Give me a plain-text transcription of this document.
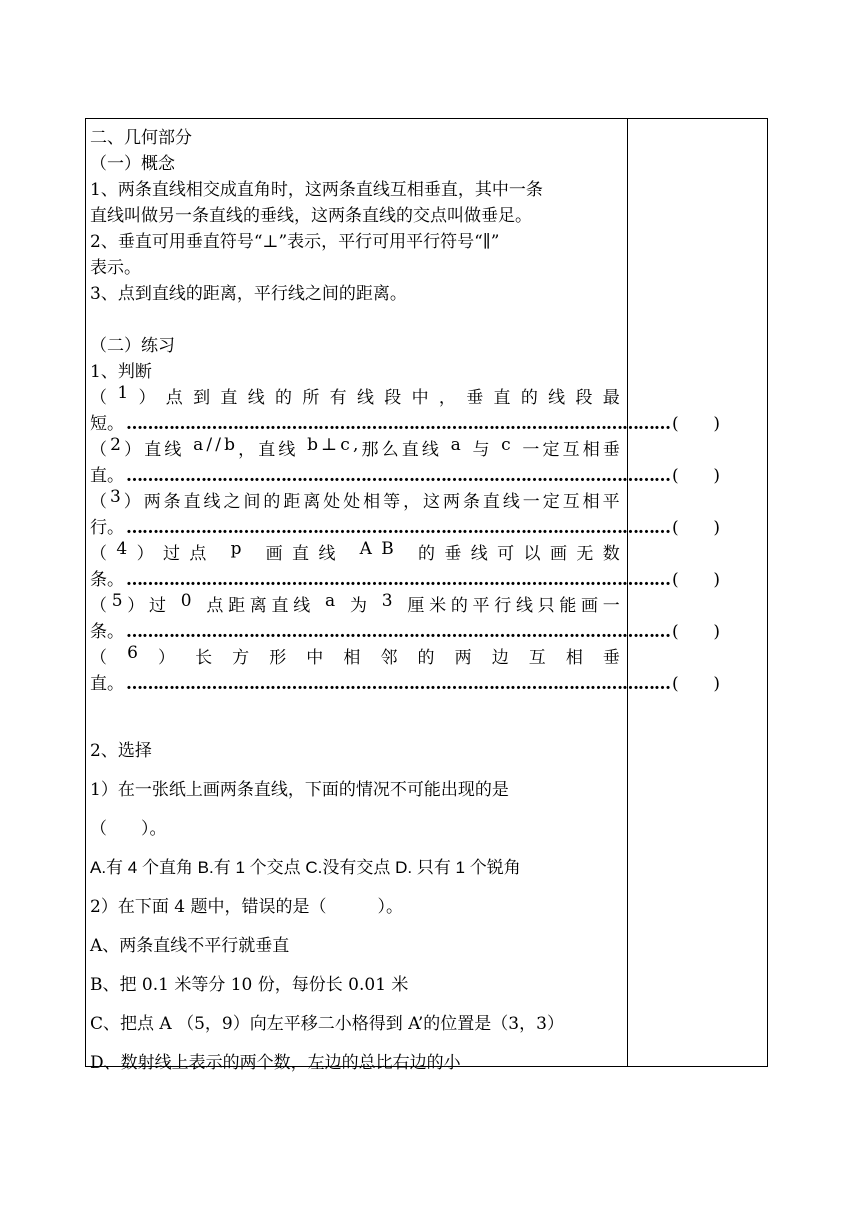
二、几何部分
（一）概念
1、两条直线相交成直角时，这两条直线互相垂直，其中一条
直线叫做另一条直线的垂线，这两条直线的交点叫做垂足。
2、垂直可用垂直符号“⊥”表示，平行可用平行符号“∥”
表示。
3、点到直线的距离，平行线之间的距离。
（二）练习
1、判断
（ 1 ） 点 到 直 线 的 所 有 线 段 中 ， 垂 直 的 线 段 最
短。 ………………………………………………………………………………………… ( )
（ 2 ） 直 线
a / / b ， 直 线
b ⊥ c , 那 么 直 线
a
与
c
一 定 互 相 垂
直。 ………………………………………………………………………………………… ( )
（ 3 ） 两 条 直 线 之 间 的 距 离 处 处 相 等 ， 这 两 条 直 线 一 定 互 相 平
行。 ………………………………………………………………………………………… ( )
（ 4 ） 过 点
p
画 直 线
A B
的 垂 线 可 以 画 无 数
条。 ………………………………………………………………………………………… ( )
（ 5 ） 过
0
点 距 离 直 线
a
为
3
厘 米 的 平 行 线 只 能 画 一
条。 ………………………………………………………………………………………… ( )
（ 6 ） 长 方 形 中 相 邻 的 两 边 互 相 垂
直。 ………………………………………………………………………………………… ( )
2、选择
1）在一张纸上画两条直线，下面的情况不可能出现的是
（　　）。
A.有 4 个直角 B.有 1 个交点 C.没有交点 D. 只有 1 个锐角
2）在下面 4 题中，错误的是（　　　）。
A、两条直线不平行就垂直
B、把 0.1 米等分 10 份，每份长 0.01 米
C、把点 A （5，9）向左平移二小格得到 A’的位置是（3，3）
D、数射线上表示的两个数，左边的总比右边的小
